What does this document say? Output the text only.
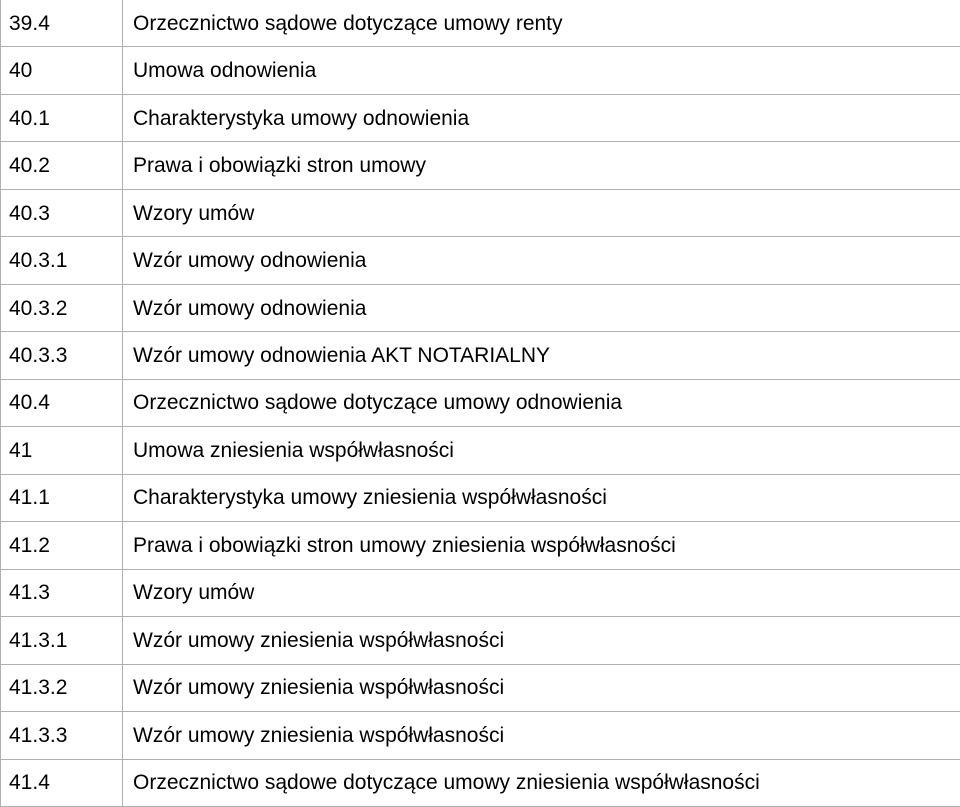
39.4	Orzecznictwo sądowe dotyczące umowy renty
40	Umowa odnowienia
40.1	Charakterystyka umowy odnowienia
40.2	Prawa i obowiązki stron umowy
40.3	Wzory umów
40.3.1	Wzór umowy odnowienia
40.3.2	Wzór umowy odnowienia
40.3.3	Wzór umowy odnowienia AKT NOTARIALNY
40.4	Orzecznictwo sądowe dotyczące umowy odnowienia
41	Umowa zniesienia współwłasności
41.1	Charakterystyka umowy zniesienia współwłasności
41.2	Prawa i obowiązki stron umowy zniesienia współwłasności
41.3	Wzory umów
41.3.1	Wzór umowy zniesienia współwłasności
41.3.2	Wzór umowy zniesienia współwłasności
41.3.3	Wzór umowy zniesienia współwłasności
41.4	Orzecznictwo sądowe dotyczące umowy zniesienia współwłasności
